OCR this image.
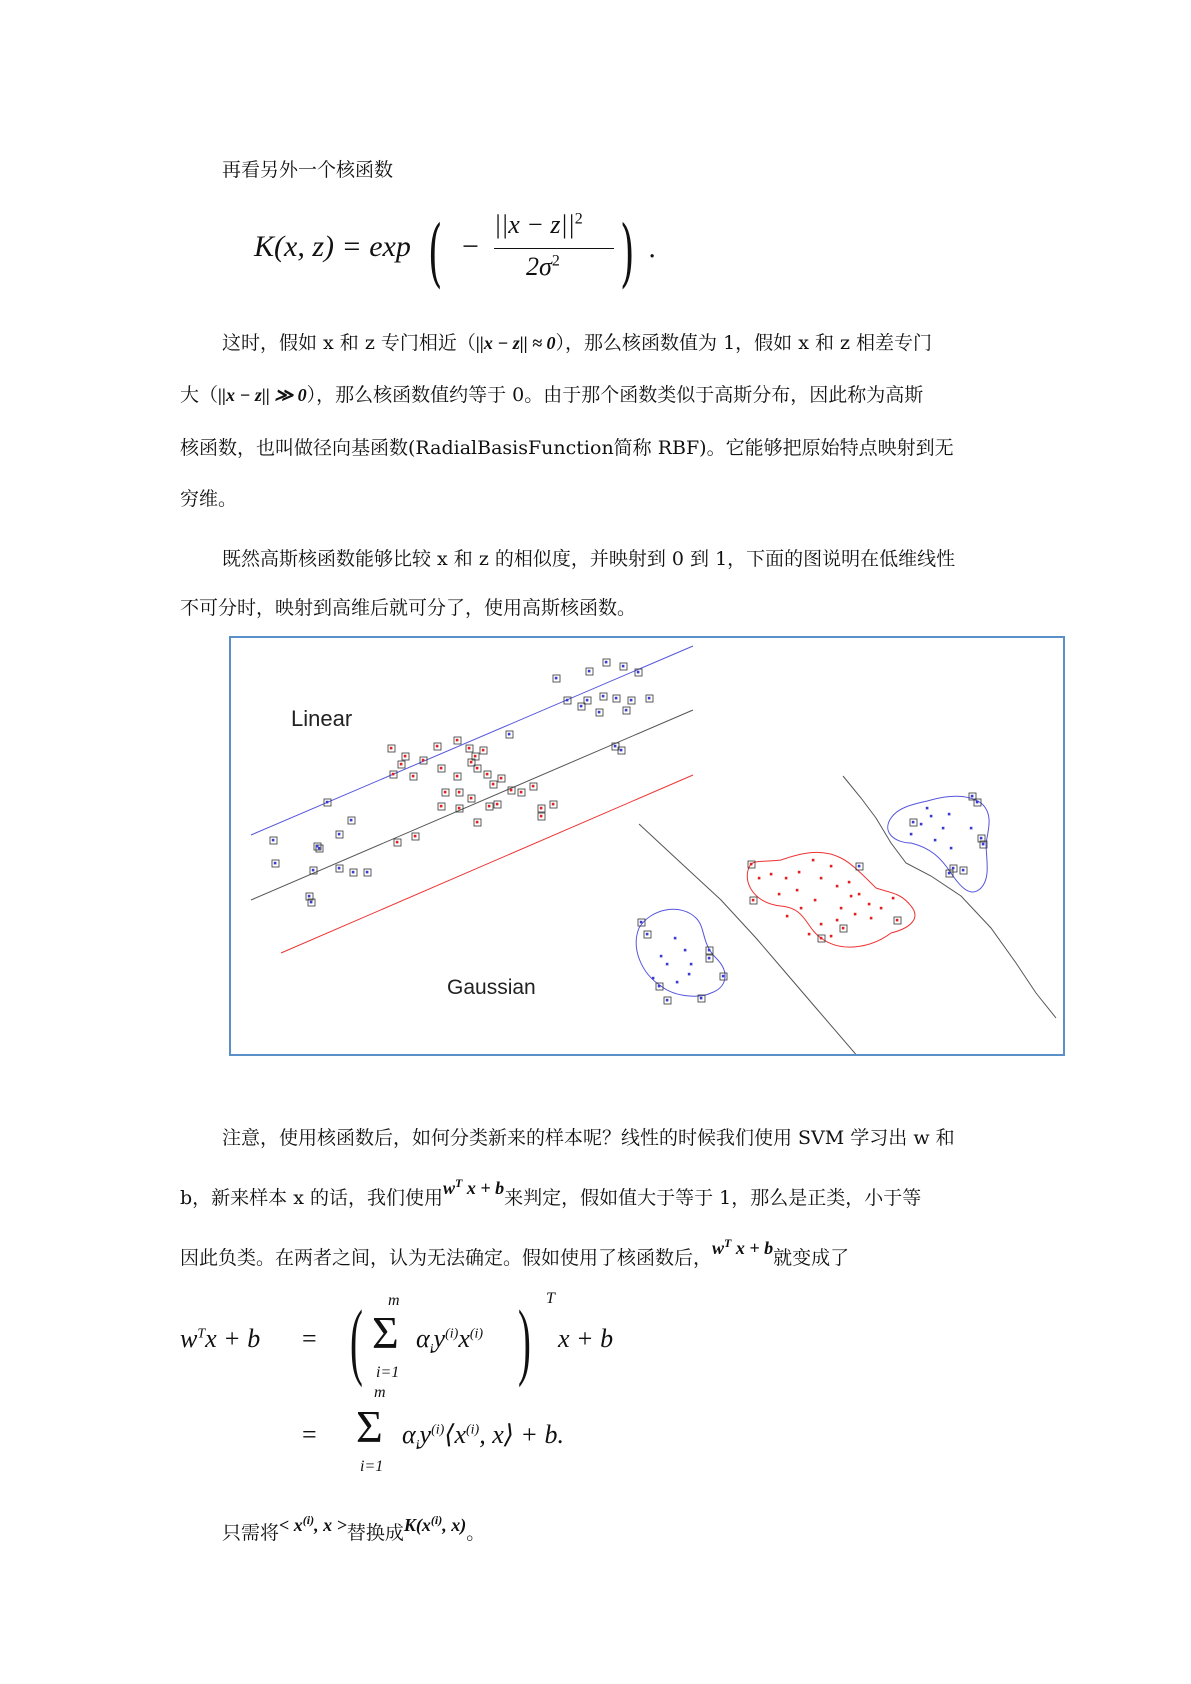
再看另外一个核函数
K(x, z) = exp ( −
$||x - z||^2$
$2\sigma^2$ ) .
这时，假如 x 和 z 专门相近（||x − z|| ≈ 0），那么核函数值为 1，假如 x 和 z 相差专门
大（||x − z|| ≫ 0），那么核函数值约等于 0。由于那个函数类似于高斯分布，因此称为高斯
核函数，也叫做径向基函数(RadialBasisFunction简称 RBF)。它能够把原始特点映射到无
穷维。
既然高斯核函数能够比较 x 和 z 的相似度，并映射到 0 到 1，下面的图说明在低维线性
不可分时，映射到高维后就可分了，使用高斯核函数。
Linear
Gaussian
注意，使用核函数后，如何分类新来的样本呢？线性的时候我们使用 SVM 学习出 w 和
b，新来样本 x 的话，我们使用$w^T$ x + b来判定，假如值大于等于 1，那么是正类，小于等
因此负类。在两者之间，认为无法确定。假如使用了核函数后，$w^T$ x + b就变成了
$w^Tx + b$ = ( m
Σ
i=1
$\alpha_iy^{(i)}x^{(i)}$ ) T
x + b
=
m
Σ
i=1
$\alpha_iy^{(i)}⟨x^{(i)}$, x⟩ + b.
只需将< $x^{(i)}$, x >替换成$K(x^{(i)}$, x)。
